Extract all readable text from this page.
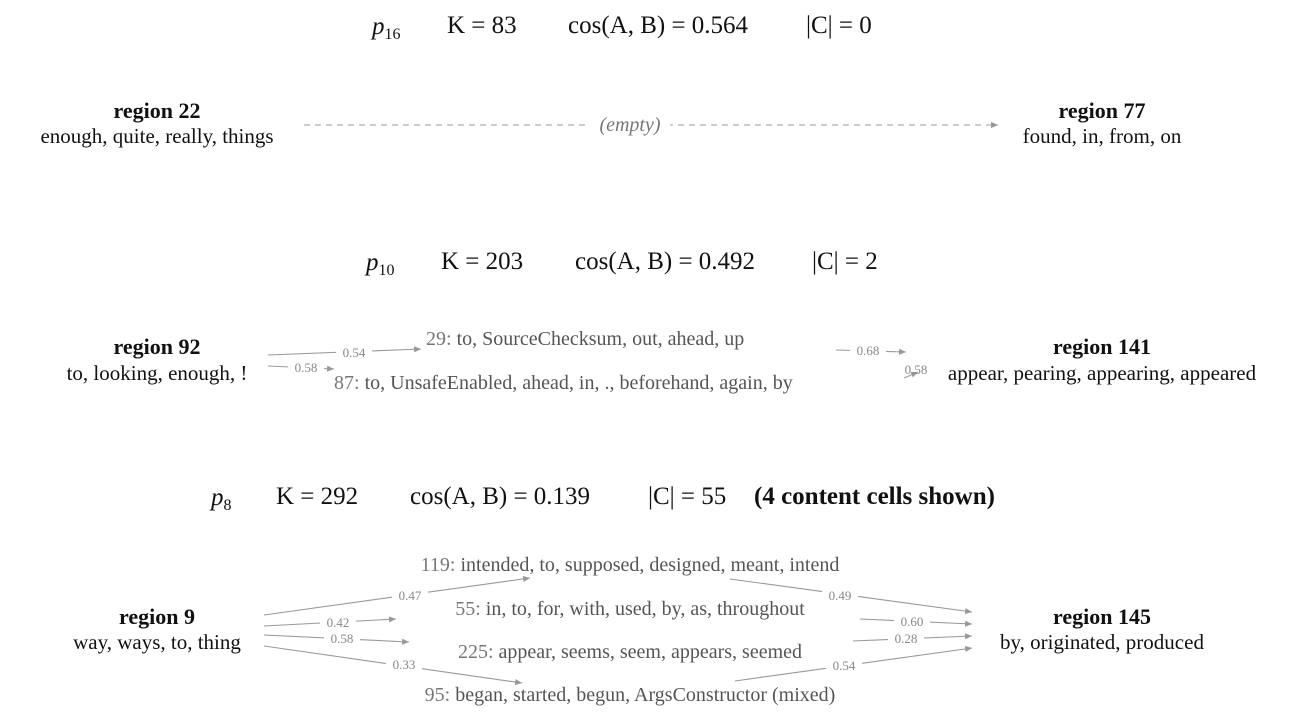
$p_{16}$ K = 83 cos(A, B) = 0.564 |C| = 0
region 22
enough, quite, really, things
region 77
found, in, from, on
(empty)
$p_{10}$ K = 203 cos(A, B) = 0.492 |C| = 2
region 92
to, looking, enough, !
region 141
appear, pearing, appearing, appeared
0.54
0.58
0.68
0.58
29: to, SourceChecksum, out, ahead, up
87: to, UnsafeEnabled, ahead, in, ., beforehand, again, by
$p_8$ K = 292 cos(A, B) = 0.139 |C| = 55 (4 content cells shown)
region 9
way, ways, to, thing
region 145
by, originated, produced
0.47
0.42
0.58
0.33
0.49
0.60
0.28
0.54
119: intended, to, supposed, designed, meant, intend
55: in, to, for, with, used, by, as, throughout
225: appear, seems, seem, appears, seemed
95: began, started, begun, ArgsConstructor (mixed)
